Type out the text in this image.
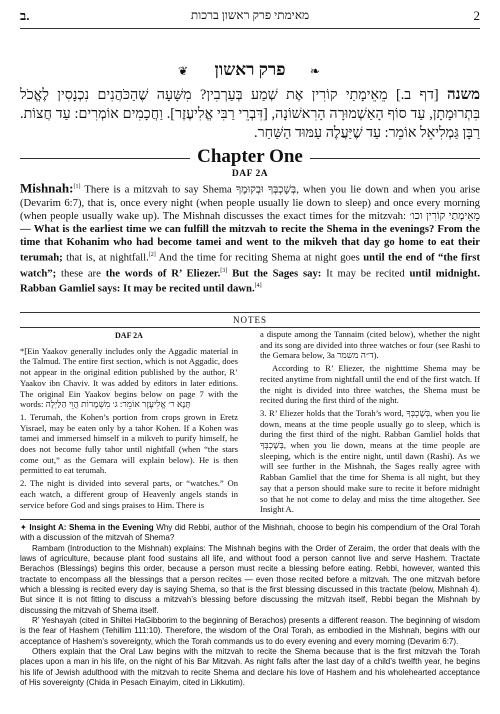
ב.	מאימתי פרק ראשון ברכות	2
❦	פרק ראשון	❧
משנה [דף ב.] מֵאֵימָתַי קוֹרִין אֶת שְׁמַע בְּעַרְבִין? מִשָּׁעָה שֶׁהַכֹּהֲנִים נִכְנָסִין לֶאֱכֹל בִּתְרוּמָתָן, עַד סוֹף הָאַשְׁמוּרָה הָרִאשׁוֹנָה, [דִּבְרֵי רַבִּי אֱלִיעֶזֶר]. וַחֲכָמִים אוֹמְרִים: עַד חֲצוֹת. רַבָּן גַּמְלִיאֵל אוֹמֵר: עַד שֶׁיַּעֲלֶה עַמּוּד הַשַּׁחַר.
Chapter One
DAF 2A
Mishnah:[1] There is a mitzvah to say Shema בְּשָׁכְבְּךָ וּבְקוּמֶךָ, when you lie down and when you arise (Devarim 6:7), that is, once every night (when people usually lie down to sleep) and once every morning (when people usually wake up). The Mishnah discusses the exact times for the mitzvah: מֵאֵימָתַי קוֹרִין וכו׳ — What is the earliest time we can fulfill the mitzvah to recite the Shema in the evenings? From the time that Kohanim who had become tamei and went to the mikveh that day go home to eat their terumah; that is, at nightfall.[2] And the time for reciting Shema at night goes until the end of “the first watch”; these are the words of R’ Eliezer.[3] But the Sages say: It may be recited until midnight. Rabban Gamliel says: It may be recited until dawn.[4]
NOTES
DAF 2A

*[Ein Yaakov generally includes only the Aggadic material in the Talmud. The entire first section, which is not Aggadic, does not appear in the original edition published by the author, R’ Yaakov ibn Chaviv. It was added by editors in later editions. The original Ein Yaakov begins below on page 7 with the words:	תָּנָא ר׳ אֱלִיעֶזֶר אוֹמֵר: ג׳ מִשְׁמָרוֹת הֲוֵי הַלַּיְלָה

1. Terumah, the Kohen’s portion from crops grown in Eretz Yisrael, may be eaten only by a tahor Kohen. If a Kohen was tamei and immersed himself in a mikveh to purify himself, he does not become fully tahor until nightfall (when “the stars come out,” as the Gemara will explain below). He is then permitted to eat terumah.

2. The night is divided into several parts, or “watches.” On each watch, a different group of Heavenly angels stands in service before God and sings praises to Him. There is

a dispute among the Tannaim (cited below), whether the night and its song are divided into three watches or four (see Rashi to the Gemara below, 3a ד״ה משמר).

According to R’ Eliezer, the nighttime Shema may be recited anytime from nightfall until the end of the first watch. If the night is divided into three watches, the Shema must be recited during the first third of the night.

3. R’ Eliezer holds that the Torah’s word, בְּשָׁכְבְּךָ, when you lie down, means at the time people usually go to sleep, which is during the first third of the night. Rabban Gamliel holds that בְּשָׁכְבְּךָ, when you lie down, means at the time people are sleeping, which is the entire night, until dawn (Rashi). As we will see further in the Mishnah, the Sages really agree with Rabban Gamliel that the time for Shema is all night, but they say that a person should make sure to recite it before midnight so that he not come to delay and miss the time altogether. See Insight A.

✦ Insight A: Shema in the Evening Why did Rebbi, author of the Mishnah, choose to begin his compendium of the Oral Torah with a discussion of the mitzvah of Shema?

Rambam (Introduction to the Mishnah) explains: The Mishnah begins with the Order of Zeraim, the order that deals with the laws of agriculture, because plant food sustains all life, and without food a person cannot live and serve Hashem. Tractate Berachos (Blessings) begins this order, because a person must recite a blessing before eating. Rebbi, however, wanted this tractate to encompass all the blessings that a person recites — even those recited before a mitzvah. The one mitzvah before which a blessing is recited every day is saying Shema, so that is the first blessing discussed in this tractate (below, Mishnah 4). But since it is not fitting to discuss a mitzvah’s blessing before discussing the mitzvah itself, Rebbi began the Mishnah by discussing the mitzvah of Shema itself.

R’ Yeshayah (cited in Shiltei HaGibborim to the beginning of Berachos) presents a different reason. The beginning of wisdom is the fear of Hashem (Tehillim 111:10). Therefore, the wisdom of the Oral Torah, as embodied in the Mishnah, begins with our acceptance of Hashem’s sovereignty, which the Torah commands us to do every evening and every morning (Devarim 6:7).

Others explain that the Oral Law begins with the mitzvah to recite the Shema because that is the first mitzvah the Torah places upon a man in his life, on the night of his Bar Mitzvah. As night falls after the last day of a child’s twelfth year, he begins his life of Jewish adulthood with the mitzvah to recite Shema and declare his love of Hashem and his wholehearted acceptance of His sovereignty (Chida in Pesach Einayim, cited in Likkutim).
